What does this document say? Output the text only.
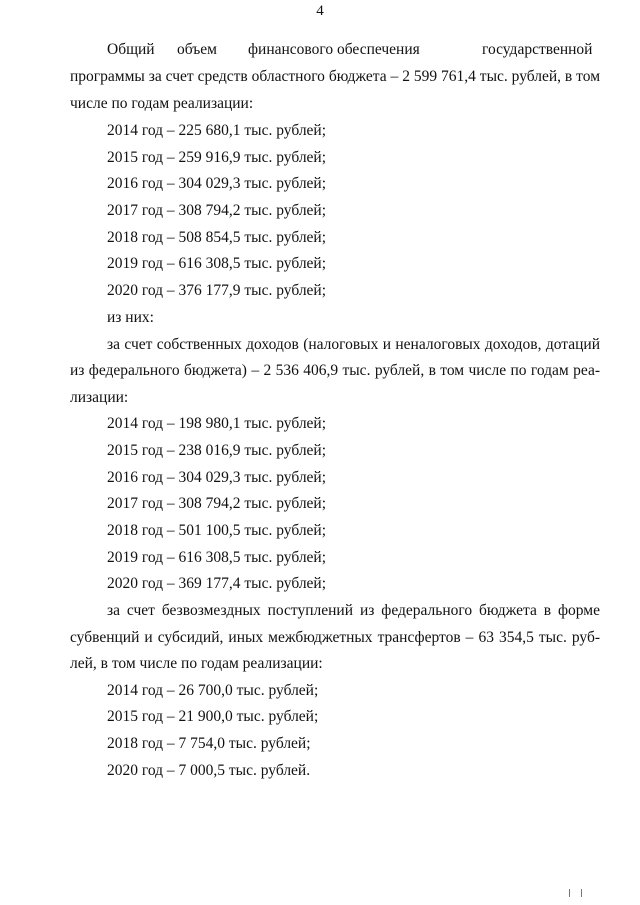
4
Общий объем финансового обеспечения	государственной
программы за счет средств областного бюджета – 2 599 761,4 тыс. рублей, в том
числе по годам реализации:
2014 год – 225 680,1 тыс. рублей;
2015 год – 259 916,9 тыс. рублей;
2016 год – 304 029,3 тыс. рублей;
2017 год – 308 794,2 тыс. рублей;
2018 год – 508 854,5 тыс. рублей;
2019 год – 616 308,5 тыс. рублей;
2020 год – 376 177,9 тыс. рублей;
из них:
за счет собственных доходов (налоговых и неналоговых доходов, дотаций
из федерального бюджета) – 2 536 406,9 тыс. рублей, в том числе по годам реа-
лизации:
2014 год – 198 980,1 тыс. рублей;
2015 год – 238 016,9 тыс. рублей;
2016 год – 304 029,3 тыс. рублей;
2017 год – 308 794,2 тыс. рублей;
2018 год – 501 100,5 тыс. рублей;
2019 год – 616 308,5 тыс. рублей;
2020 год – 369 177,4 тыс. рублей;
за счет безвозмездных поступлений из федерального бюджета в форме
субвенций и субсидий, иных межбюджетных трансфертов – 63 354,5 тыс. руб-
лей, в том числе по годам реализации:
2014 год – 26 700,0 тыс. рублей;
2015 год – 21 900,0 тыс. рублей;
2018 год – 7 754,0 тыс. рублей;
2020 год – 7 000,5 тыс. рублей.
